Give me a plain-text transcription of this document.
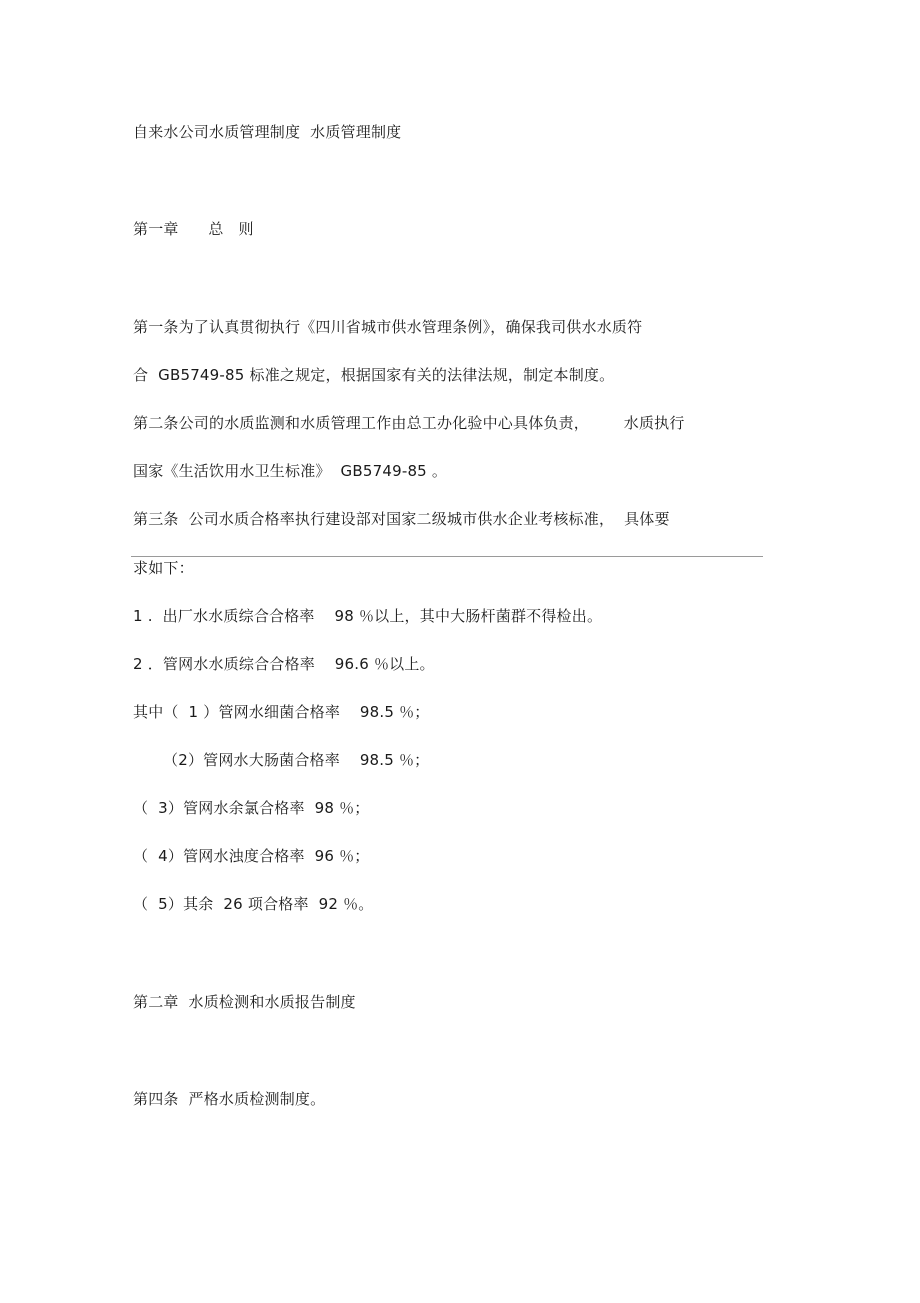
自来水公司水质管理制度  水质管理制度
第一章      总   则
第一条为了认真贯彻执行《四川省城市供水管理条例》，确保我司供水水质符
合  GB5749-85 标准之规定，根据国家有关的法律法规，制定本制度。
第二条公司的水质监测和水质管理工作由总工办化验中心具体负责，       水质执行
国家《生活饮用水卫生标准》  GB5749-85 。
第三条  公司水质合格率执行建设部对国家二级城市供水企业考核标准，  具体要
求如下：
1 .  出厂水水质综合合格率    98 ％以上，其中大肠杆菌群不得检出。
2 ．管网水水质综合合格率    96.6 ％以上。
其中（  1 ）管网水细菌合格率    98.5 ％；
（2）管网水大肠菌合格率    98.5 ％；
（  3）管网水余氯合格率  98 ％；
（  4）管网水浊度合格率  96 ％；
（  5）其余  26 项合格率  92 ％。
第二章  水质检测和水质报告制度
第四条  严格水质检测制度。
